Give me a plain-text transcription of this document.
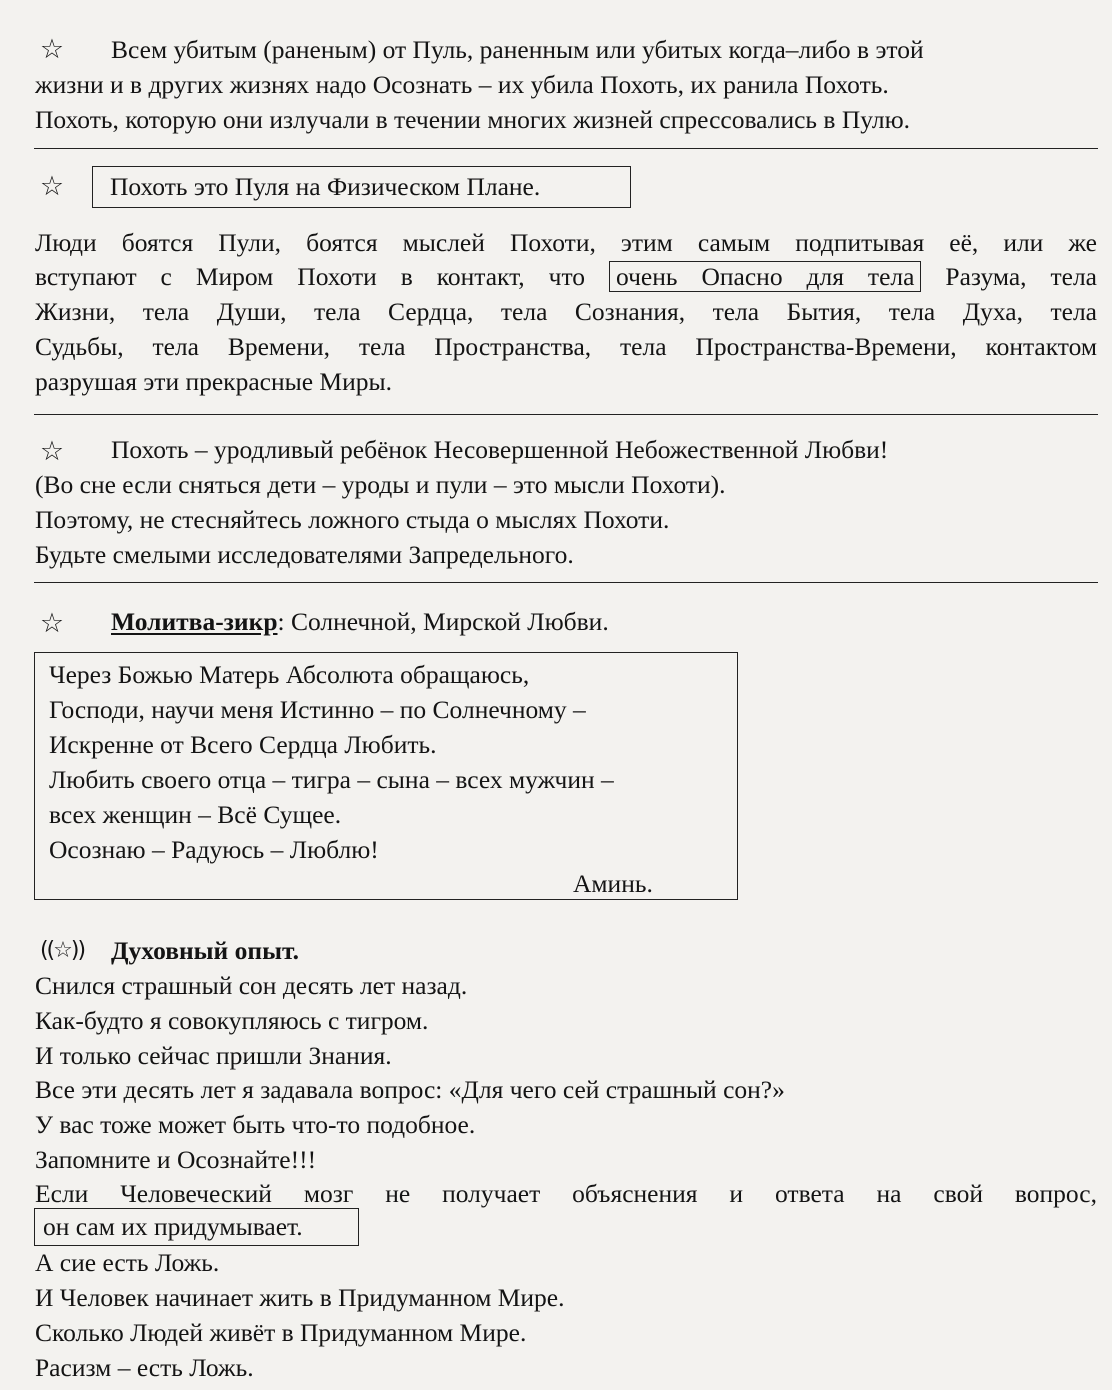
☆ Всем убитым (раненым) от Пуль, раненным или убитых когда–либо в этой
жизни и в других жизнях надо Осознать – их убила Похоть, их ранила Похоть.
Похоть, которую они излучали в течении многих жизней спрессовались в Пулю.
☆ Похоть это Пуля на Физическом Плане.
Люди боятся Пули, боятся мыслей Похоти, этим самым подпитывая её, или же
вступают с Миром Похоти в контакт, что очень Опасно для тела Разума, тела
Жизни, тела Души, тела Сердца, тела Сознания, тела Бытия, тела Духа, тела
Судьбы, тела Времени, тела Пространства, тела Пространства-Времени, контактом
разрушая эти прекрасные Миры.
☆ Похоть – уродливый ребёнок Несовершенной Небожественной Любви!
(Во сне если сняться дети – уроды и пули – это мысли Похоти).
Поэтому, не стесняйтесь ложного стыда о мыслях Похоти.
Будьте смелыми исследователями Запредельного.
☆ Молитва-зикр: Солнечной, Мирской Любви.
Через Божью Матерь Абсолюта обращаюсь,
Господи, научи меня Истинно – по Солнечному –
Искренне от Всего Сердца Любить.
Любить своего отца – тигра – сына – всех мужчин –
всех женщин – Всё Сущее.
Осознаю – Радуюсь – Люблю!
Аминь.
((☆)) Духовный опыт.
Снился страшный сон десять лет назад.
Как-будто я совокупляюсь с тигром.
И только сейчас пришли Знания.
Все эти десять лет я задавала вопрос: «Для чего сей страшный сон?»
У вас тоже может быть что-то подобное.
Запомните и Осознайте!!!
Если Человеческий мозг не получает объяснения и ответа на свой вопрос,
он сам их придумывает.
А сие есть Ложь.
И Человек начинает жить в Придуманном Мире.
Сколько Людей живёт в Придуманном Мире.
Расизм – есть Ложь.
